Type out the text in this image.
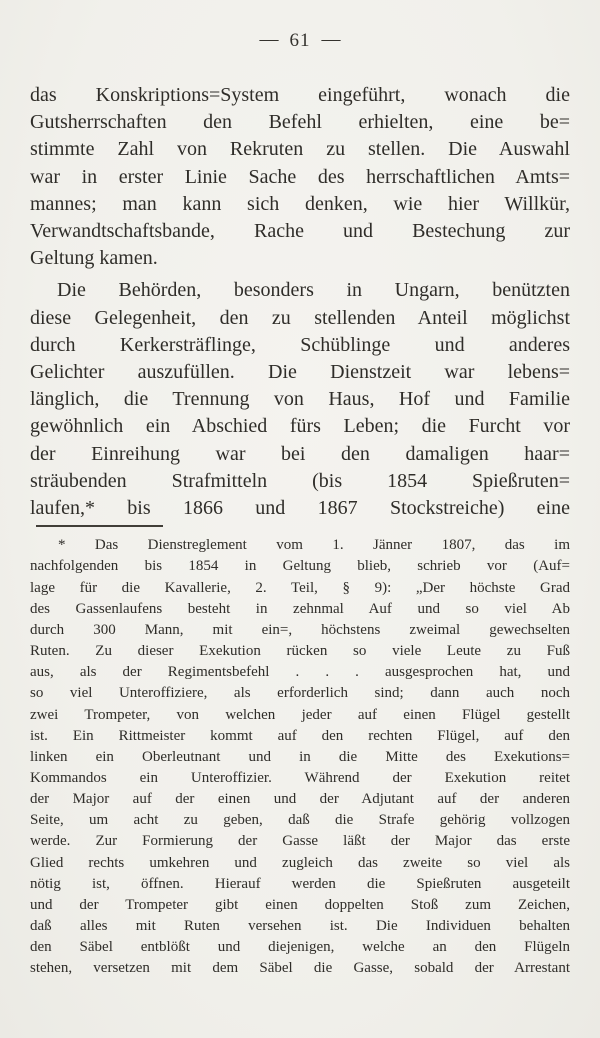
— 61 —
das Konskriptions=System eingeführt, wonach die
Gutsherrschaften den Befehl erhielten, eine be=
stimmte Zahl von Rekruten zu stellen. Die Auswahl
war in erster Linie Sache des herrschaftlichen Amts=
mannes; man kann sich denken, wie hier Willkür,
Verwandtschaftsbande, Rache und Bestechung zur
Geltung kamen.
Die Behörden, besonders in Ungarn, benützten
diese Gelegenheit, den zu stellenden Anteil möglichst
durch Kerkersträflinge, Schüblinge und anderes
Gelichter auszufüllen. Die Dienstzeit war lebens=
länglich, die Trennung von Haus, Hof und Familie
gewöhnlich ein Abschied fürs Leben; die Furcht vor
der Einreihung war bei den damaligen haar=
sträubenden Strafmitteln (bis 1854 Spießruten=
laufen,* bis 1866 und 1867 Stockstreiche) eine
* Das Dienstreglement vom 1. Jänner 1807, das im
nachfolgenden bis 1854 in Geltung blieb, schrieb vor (Auf=
lage für die Kavallerie, 2. Teil, § 9): „Der höchste Grad
des Gassenlaufens besteht in zehnmal Auf und so viel Ab
durch 300 Mann, mit ein=, höchstens zweimal gewechselten
Ruten. Zu dieser Exekution rücken so viele Leute zu Fuß
aus, als der Regimentsbefehl . . . ausgesprochen hat, und
so viel Unteroffiziere, als erforderlich sind; dann auch noch
zwei Trompeter, von welchen jeder auf einen Flügel gestellt
ist. Ein Rittmeister kommt auf den rechten Flügel, auf den
linken ein Oberleutnant und in die Mitte des Exekutions=
Kommandos ein Unteroffizier. Während der Exekution reitet
der Major auf der einen und der Adjutant auf der anderen
Seite, um acht zu geben, daß die Strafe gehörig vollzogen
werde. Zur Formierung der Gasse läßt der Major das erste
Glied rechts umkehren und zugleich das zweite so viel als
nötig ist, öffnen. Hierauf werden die Spießruten ausgeteilt
und der Trompeter gibt einen doppelten Stoß zum Zeichen,
daß alles mit Ruten versehen ist. Die Individuen behalten
den Säbel entblößt und diejenigen, welche an den Flügeln
stehen, versetzen mit dem Säbel die Gasse, sobald der Arrestant
